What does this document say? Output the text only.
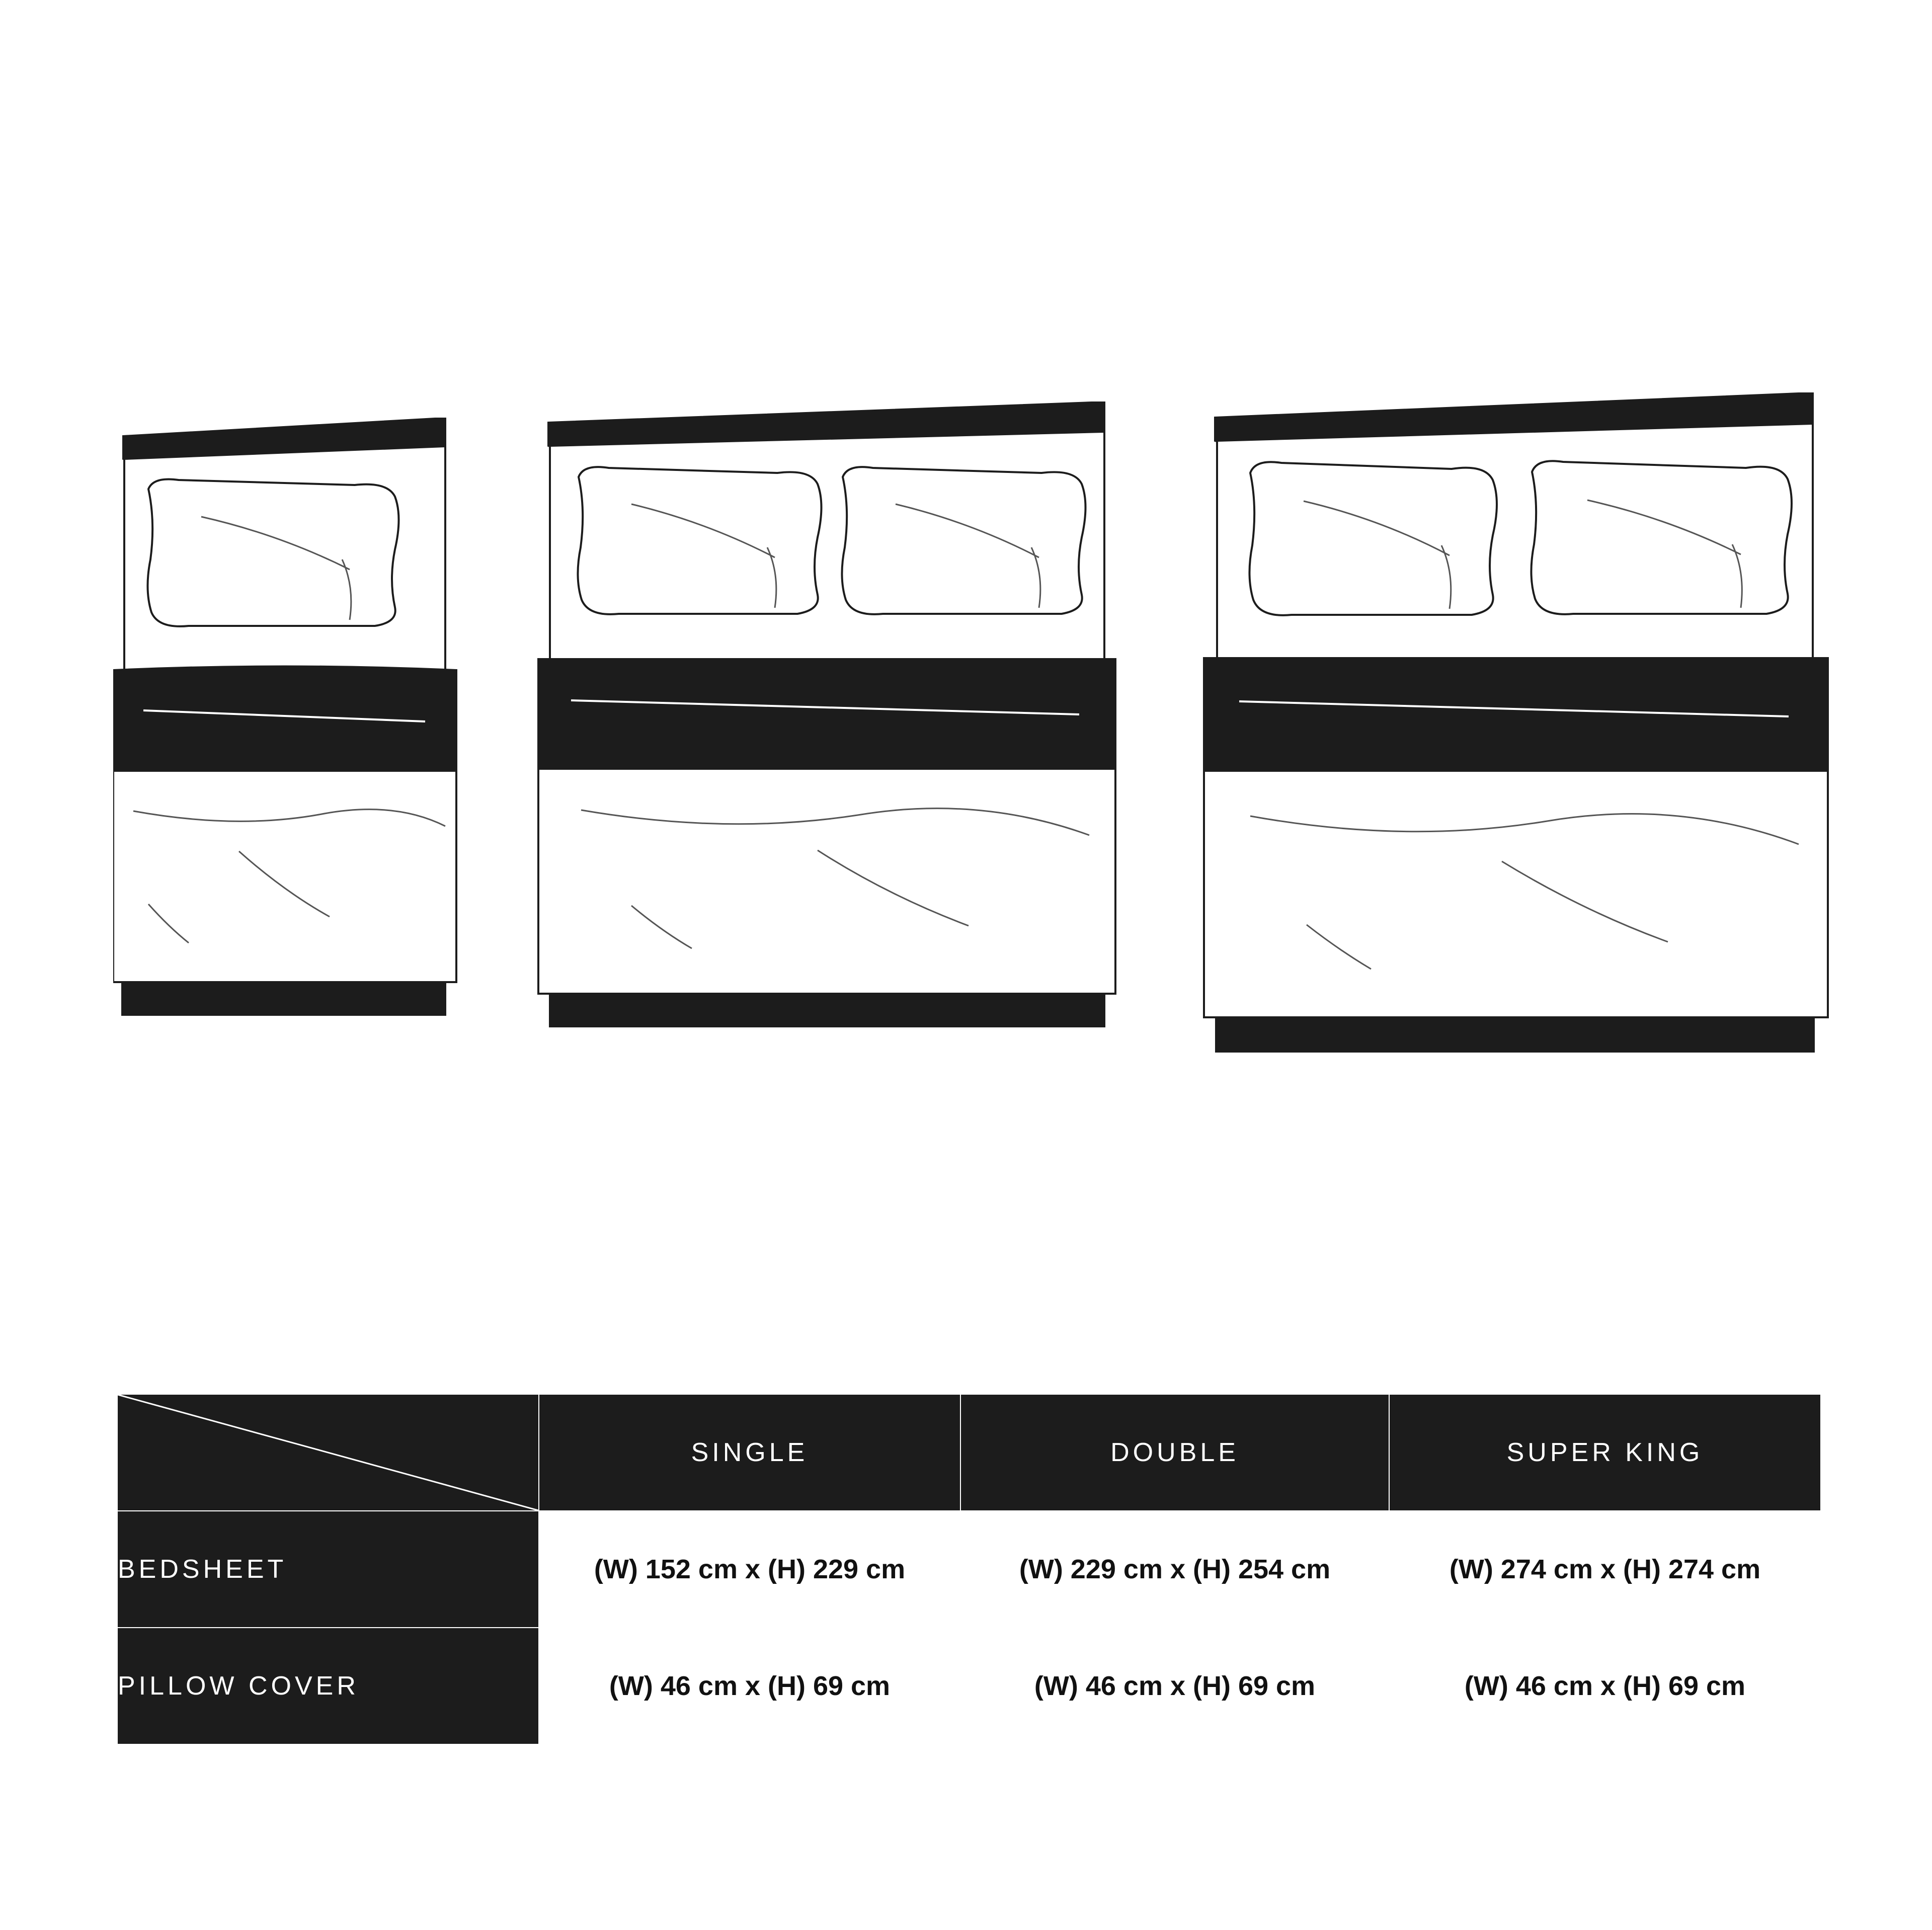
	SINGLE	DOUBLE	SUPER KING
BEDSHEET	(W) 152 cm x (H) 229 cm	(W) 229 cm x (H) 254 cm	(W) 274 cm x (H) 274 cm
PILLOW COVER	(W) 46 cm x (H) 69 cm	(W) 46 cm x (H) 69 cm	(W) 46 cm x (H) 69 cm
